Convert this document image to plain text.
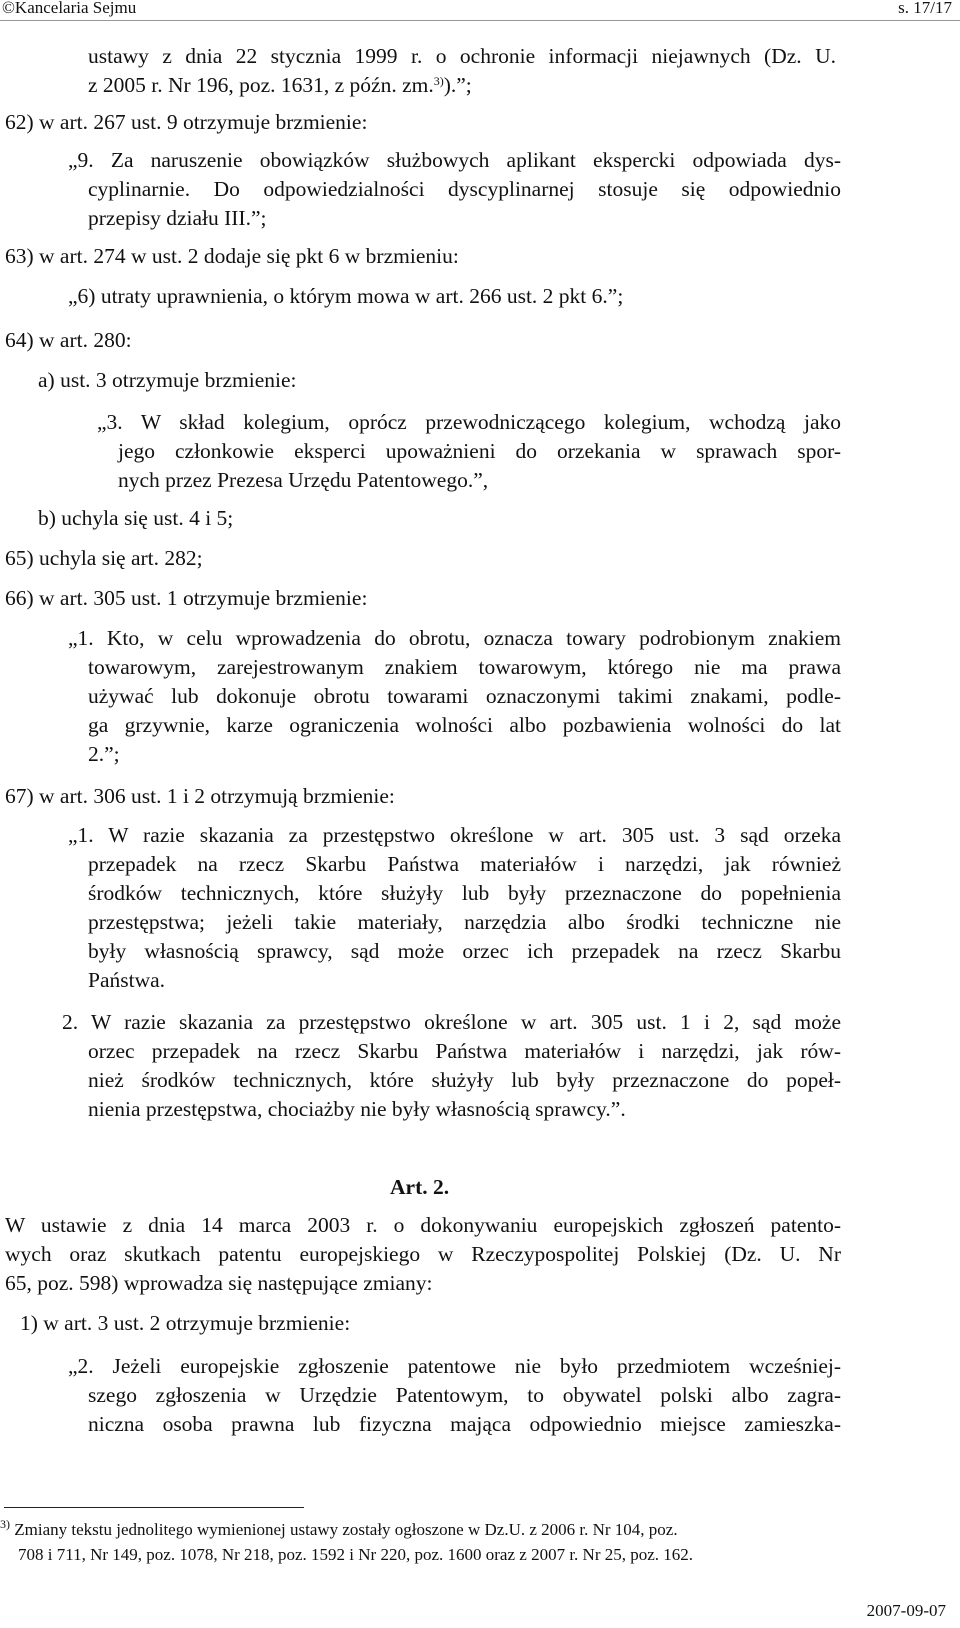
©Kancelaria Sejmu	s. 17/17
ustawy z dnia 22 stycznia 1999 r. o ochronie informacji niejawnych (Dz. U.
z 2005 r. Nr 196, poz. 1631, z późn. zm.$^{3)}$).”;
62) w art. 267 ust. 9 otrzymuje brzmienie:
„9. Za naruszenie obowiązków służbowych aplikant ekspercki odpowiada dys-
cyplinarnie. Do odpowiedzialności dyscyplinarnej stosuje się odpowiednio
przepisy działu III.”;
63) w art. 274 w ust. 2 dodaje się pkt 6 w brzmieniu:
„6) utraty uprawnienia, o którym mowa w art. 266 ust. 2 pkt 6.”;
64) w art. 280:
a) ust. 3 otrzymuje brzmienie:
„3. W skład kolegium, oprócz przewodniczącego kolegium, wchodzą jako
jego członkowie eksperci upoważnieni do orzekania w sprawach spor-
nych przez Prezesa Urzędu Patentowego.”,
b) uchyla się ust. 4 i 5;
65) uchyla się art. 282;
66) w art. 305 ust. 1 otrzymuje brzmienie:
„1. Kto, w celu wprowadzenia do obrotu, oznacza towary podrobionym znakiem
towarowym, zarejestrowanym znakiem towarowym, którego nie ma prawa
używać lub dokonuje obrotu towarami oznaczonymi takimi znakami, podle-
ga grzywnie, karze ograniczenia wolności albo pozbawienia wolności do lat
2.”;
67) w art. 306 ust. 1 i 2 otrzymują brzmienie:
„1. W razie skazania za przestępstwo określone w art. 305 ust. 3 sąd orzeka
przepadek na rzecz Skarbu Państwa materiałów i narzędzi, jak również
środków technicznych, które służyły lub były przeznaczone do popełnienia
przestępstwa; jeżeli takie materiały, narzędzia albo środki techniczne nie
były własnością sprawcy, sąd może orzec ich przepadek na rzecz Skarbu
Państwa.
2. W razie skazania za przestępstwo określone w art. 305 ust. 1 i 2, sąd może
orzec przepadek na rzecz Skarbu Państwa materiałów i narzędzi, jak rów-
nież środków technicznych, które służyły lub były przeznaczone do popeł-
nienia przestępstwa, chociażby nie były własnością sprawcy.”.
Art. 2.
W ustawie z dnia 14 marca 2003 r. o dokonywaniu europejskich zgłoszeń patento-
wych oraz skutkach patentu europejskiego w Rzeczypospolitej Polskiej (Dz. U. Nr
65, poz. 598) wprowadza się następujące zmiany:
1) w art. 3 ust. 2 otrzymuje brzmienie:
„2. Jeżeli europejskie zgłoszenie patentowe nie było przedmiotem wcześniej-
szego zgłoszenia w Urzędzie Patentowym, to obywatel polski albo zagra-
niczna osoba prawna lub fizyczna mająca odpowiednio miejsce zamieszka-
$^{3)}$ Zmiany tekstu jednolitego wymienionej ustawy zostały ogłoszone w Dz.U. z 2006 r. Nr 104, poz.
708 i 711, Nr 149, poz. 1078, Nr 218, poz. 1592 i Nr 220, poz. 1600 oraz z 2007 r. Nr 25, poz. 162.
2007-09-07
